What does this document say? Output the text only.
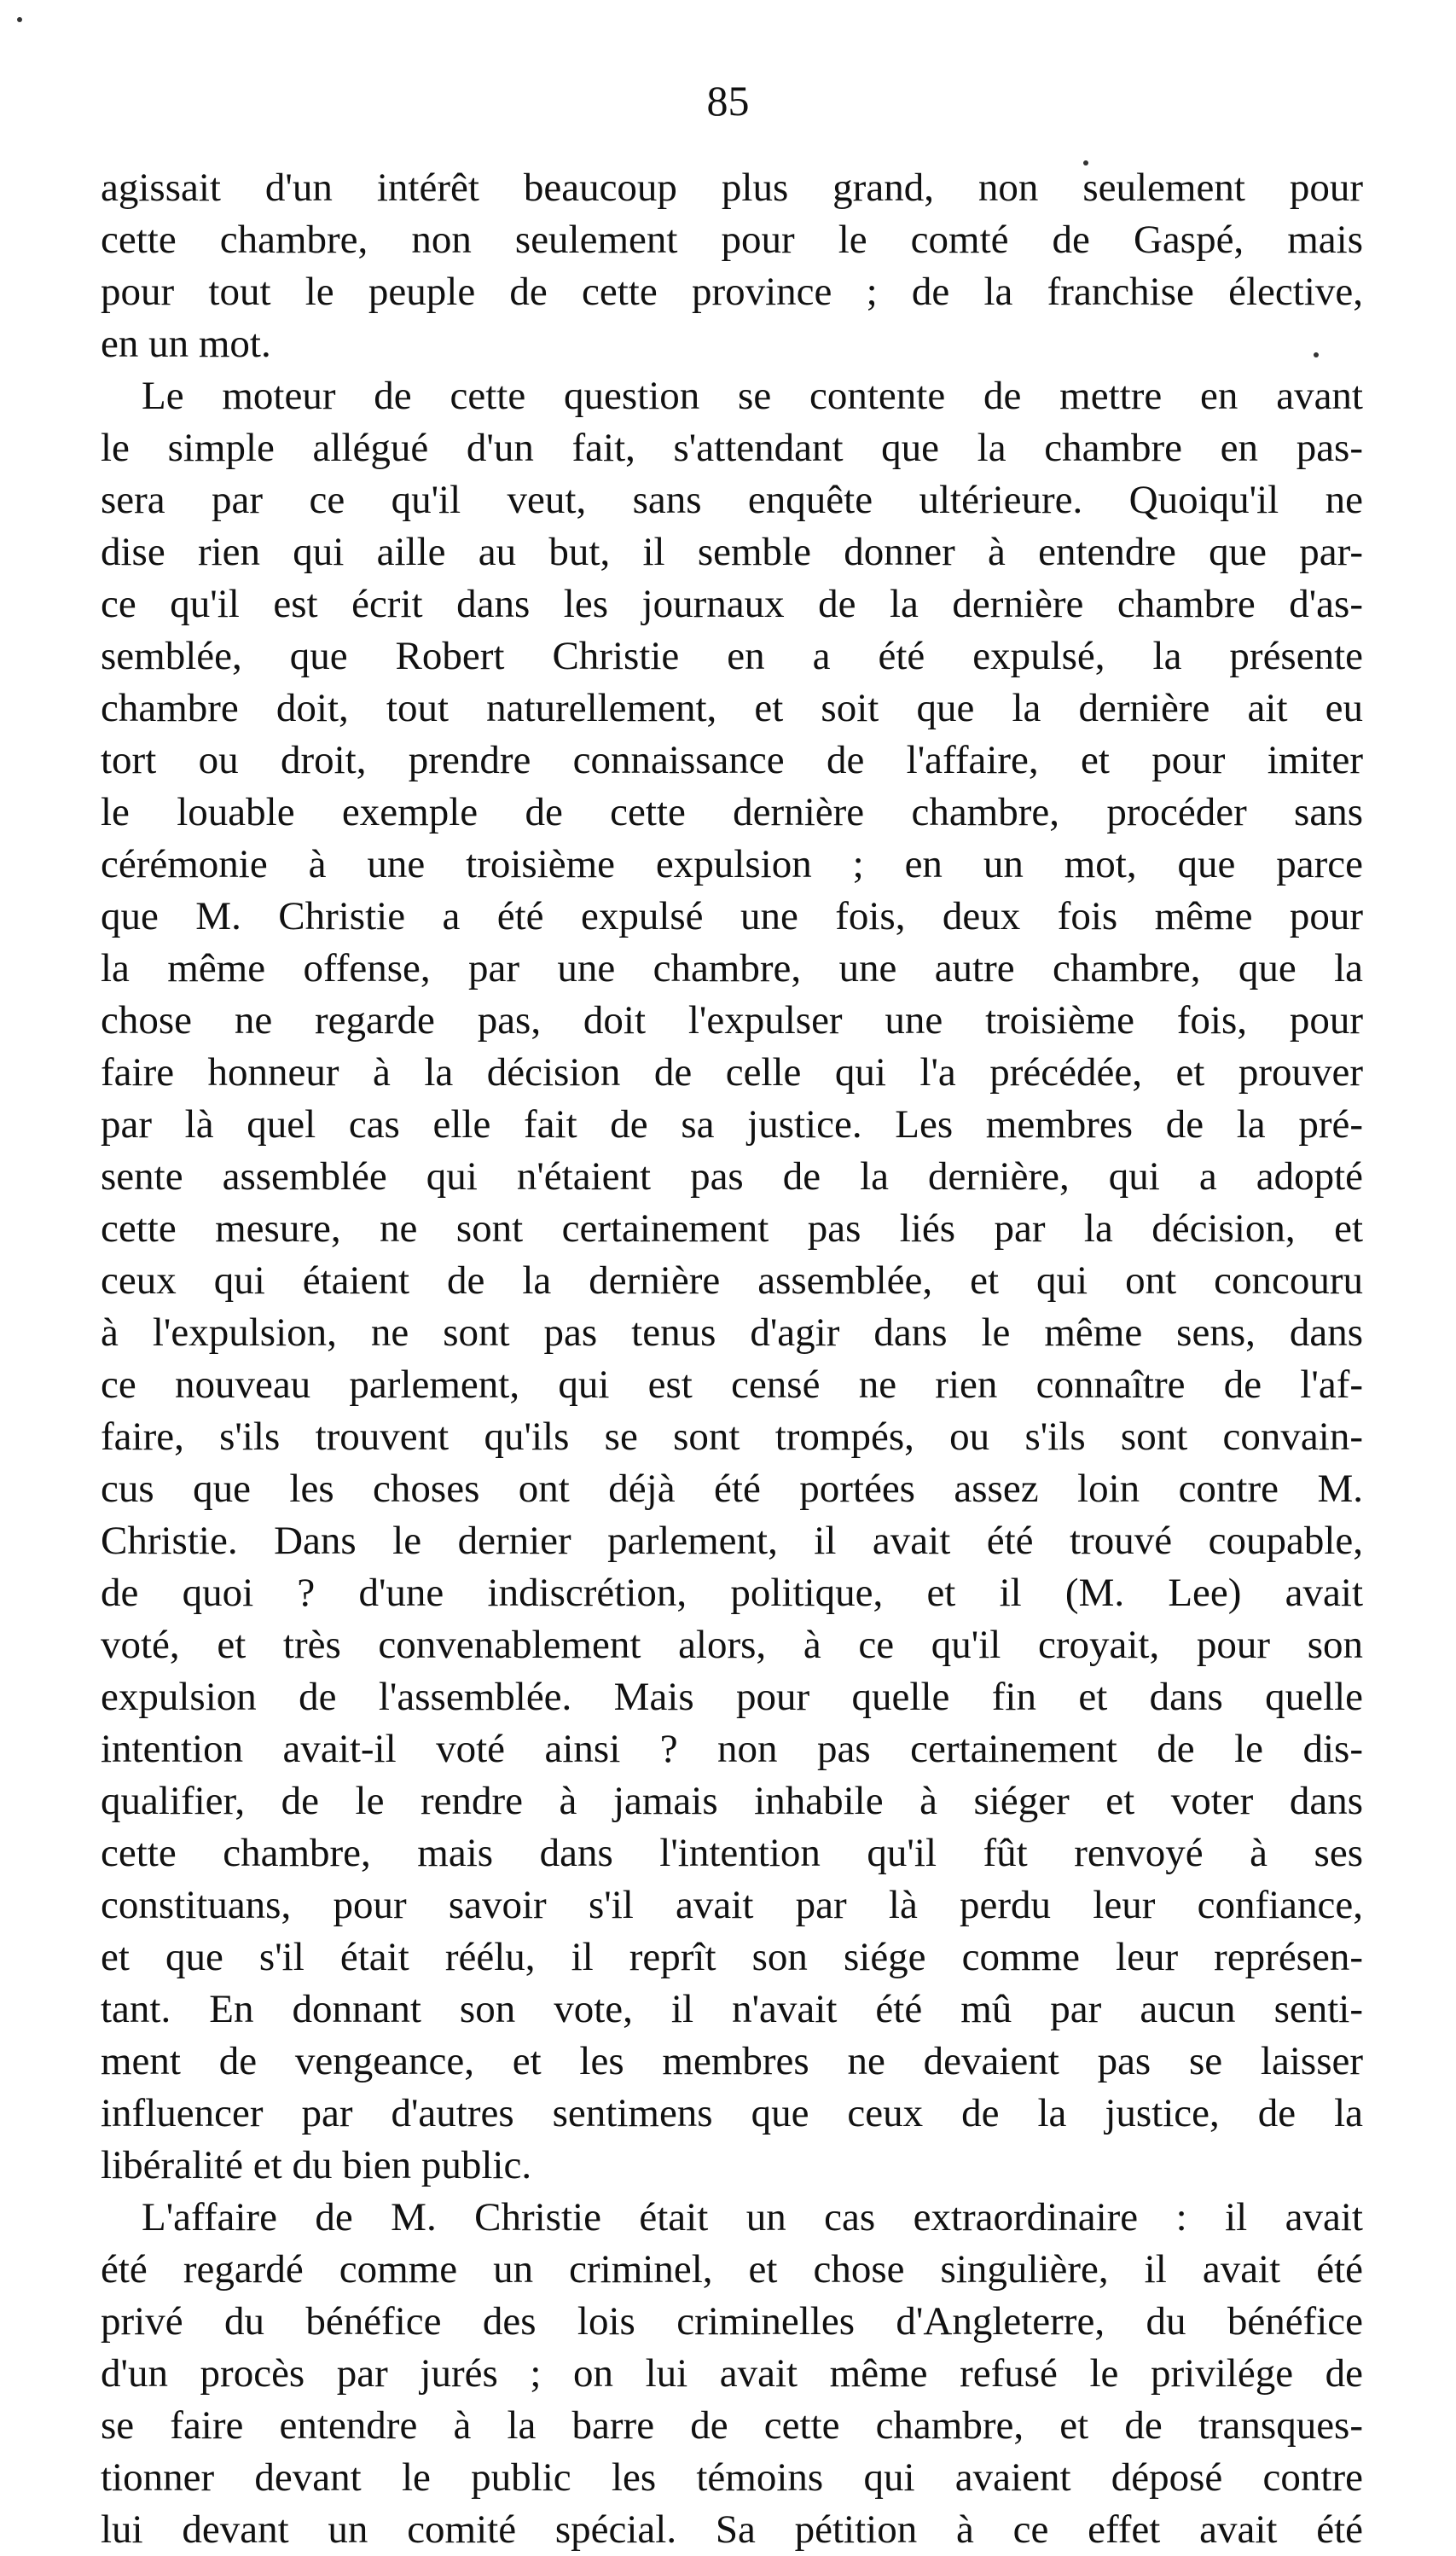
85
agissait d'un intérêt beaucoup plus grand, non seulement pour
cette chambre, non seulement pour le comté de Gaspé, mais
pour tout le peuple de cette province ; de la franchise élective,
en un mot.
Le moteur de cette question se contente de mettre en avant
le simple allégué d'un fait, s'attendant que la chambre en pas-
sera par ce qu'il veut, sans enquête ultérieure. Quoiqu'il ne
dise rien qui aille au but, il semble donner à entendre que par-
ce qu'il est écrit dans les journaux de la dernière chambre d'as-
semblée, que Robert Christie en a été expulsé, la présente
chambre doit, tout naturellement, et soit que la dernière ait eu
tort ou droit, prendre connaissance de l'affaire, et pour imiter
le louable exemple de cette dernière chambre, procéder sans
cérémonie à une troisième expulsion ; en un mot, que parce
que M. Christie a été expulsé une fois, deux fois même pour
la même offense, par une chambre, une autre chambre, que la
chose ne regarde pas, doit l'expulser une troisième fois, pour
faire honneur à la décision de celle qui l'a précédée, et prouver
par là quel cas elle fait de sa justice. Les membres de la pré-
sente assemblée qui n'étaient pas de la dernière, qui a adopté
cette mesure, ne sont certainement pas liés par la décision, et
ceux qui étaient de la dernière assemblée, et qui ont concouru
à l'expulsion, ne sont pas tenus d'agir dans le même sens, dans
ce nouveau parlement, qui est censé ne rien connaître de l'af-
faire, s'ils trouvent qu'ils se sont trompés, ou s'ils sont convain-
cus que les choses ont déjà été portées assez loin contre M.
Christie. Dans le dernier parlement, il avait été trouvé coupable,
de quoi ? d'une indiscrétion, politique, et il (M. Lee) avait
voté, et très convenablement alors, à ce qu'il croyait, pour son
expulsion de l'assemblée. Mais pour quelle fin et dans quelle
intention avait-il voté ainsi ? non pas certainement de le dis-
qualifier, de le rendre à jamais inhabile à siéger et voter dans
cette chambre, mais dans l'intention qu'il fût renvoyé à ses
constituans, pour savoir s'il avait par là perdu leur confiance,
et que s'il était réélu, il reprît son siége comme leur représen-
tant. En donnant son vote, il n'avait été mû par aucun senti-
ment de vengeance, et les membres ne devaient pas se laisser
influencer par d'autres sentimens que ceux de la justice, de la
libéralité et du bien public.
L'affaire de M. Christie était un cas extraordinaire : il avait
été regardé comme un criminel, et chose singulière, il avait été
privé du bénéfice des lois criminelles d'Angleterre, du bénéfice
d'un procès par jurés ; on lui avait même refusé le privilége de
se faire entendre à la barre de cette chambre, et de transques-
tionner devant le public les témoins qui avaient déposé contre
lui devant un comité spécial. Sa pétition à ce effet avait été
